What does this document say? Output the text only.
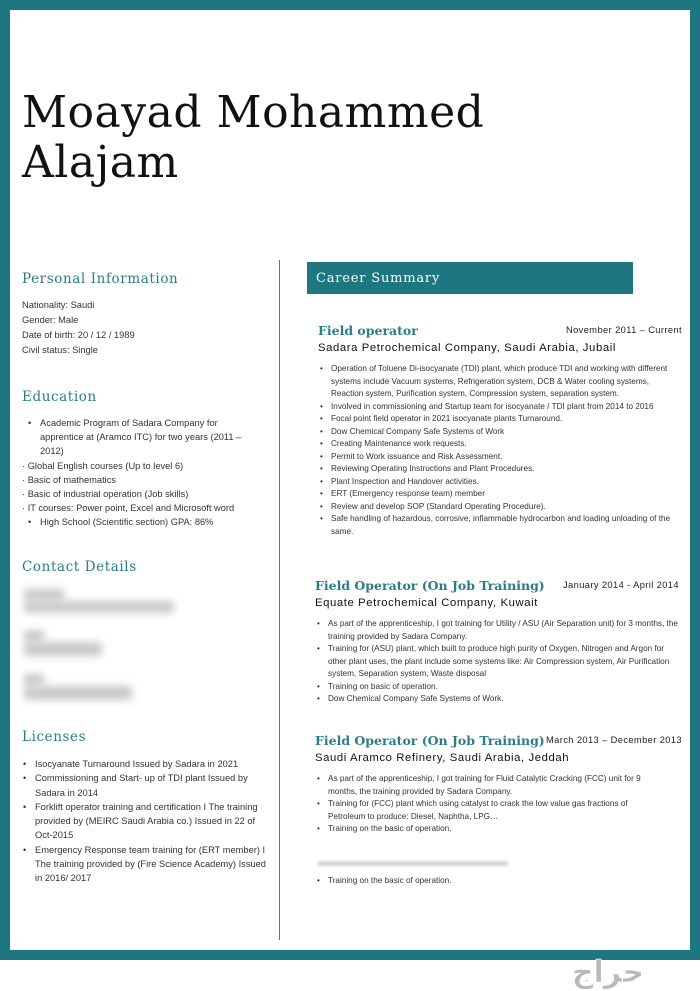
Moayad Mohammed
Alajam
Personal Information
Nationality: Saudi
Gender: Male
Date of birth: 20 / 12 / 1989
Civil status: Single
Education
• Academic Program of Sadara Company for apprentice at (Aramco ITC) for two years (2011 – 2012)
· Global English courses (Up to level 6)
· Basic of mathematics
· Basic of industrial operation (Job skills)
· IT courses: Power point, Excel and Microsoft word
• High School (Scientific section) GPA: 86%
Contact Details
Licenses
• Isocyanate Turnaround Issued by Sadara in 2021
• Commissioning and Start- up of TDI plant Issued by Sadara in 2014
• Forklift operator training and certification I The training provided by (MEIRC Saudi Arabia co.) Issued in 22 of Oct-2015
• Emergency Response team training for (ERT member) I The training provided by (Fire Science Academy) Issued in 2016/ 2017
Career Summary
Field operator	November 2011 – Current
Sadara Petrochemical Company, Saudi Arabia, Jubail
• Operation of Toluene Di-isocyanate (TDI) plant, which produce TDI and working with different systems include Vacuum systems, Refrigeration system, DCB & Water cooling systems, Reaction system, Purification system, Compression system, separation system.
• Involved in commissioning and Startup team for isocyanate / TDI plant from 2014 to 2016
• Focal point field operator in 2021 isocyanate plants Turnaround.
• Dow Chemical Company Safe Systems of Work
• Creating Maintenance work requests.
• Permit to Work issuance and Risk Assessment.
• Reviewing Operating Instructions and Plant Procedures.
• Plant Inspection and Handover activities.
• ERT (Emergency response team) member
• Review and develop SOP (Standard Operating Procedure).
• Safe handling of hazardous, corrosive, inflammable hydrocarbon and loading unloading of the same.
Field Operator (On Job Training) January 2014 - April 2014
Equate Petrochemical Company, Kuwait
• As part of the apprenticeship, I got training for Utility / ASU (Air Separation unit) for 3 months, the training provided by Sadara Company.
• Training for (ASU) plant, which built to produce high purity of Oxygen, Nitrogen and Argon for other plant uses, the plant include some systems like: Air Compression system, Air Purification system, Separation system, Waste disposal
• Training on basic of operation.
• Dow Chemical Company Safe Systems of Work.
Field Operator (On Job Training) March 2013 – December 2013
Saudi Aramco Refinery, Saudi Arabia, Jeddah
• As part of the apprenticeship, I got training for Fluid Catalytic Cracking (FCC) unit for 9 months, the training provided by Sadara Company.
• Training for (FCC) plant which using catalyst to crack the low value gas fractions of Petroleum to produce: Diesel, Naphtha, LPG…
• Training on the basic of operation.
• Training on the basic of operation.
حراج
